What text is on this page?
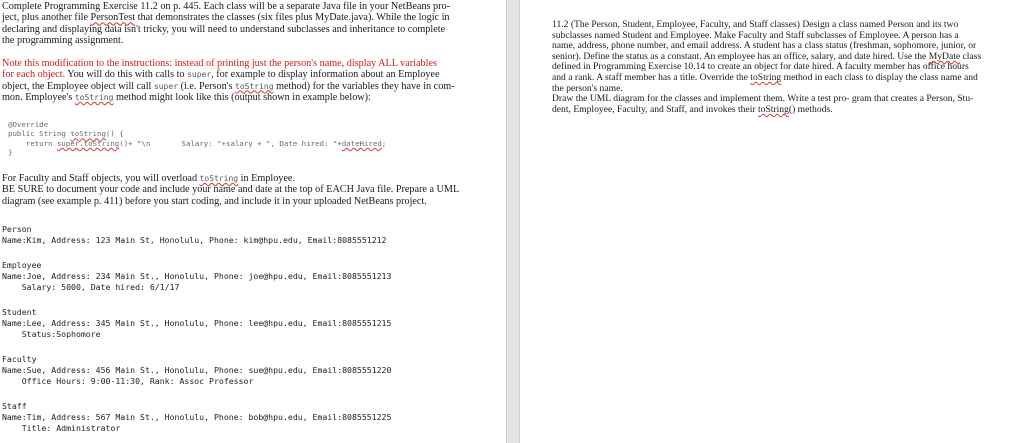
Complete Programming Exercise 11.2 on p. 445. Each class will be a separate Java file in your NetBeans pro-
ject, plus another file PersonTest that demonstrates the classes (six files plus MyDate.java). While the logic in
declaring and displaying data isn't tricky, you will need to understand subclasses and inheritance to complete
the programming assignment.
Note this modification to the instructions: instead of printing just the person's name, display ALL variables
for each object. You will do this with calls to super, for example to display information about an Employee
object, the Employee object will call super (i.e. Person's toString method) for the variables they have in com-
mon. Employee's toString method might look like this (output shown in example below):
@Override
public String toString() {
return super.toString()+ "\n       Salary: "+salary + ", Date hired: "+dateHired;
}
For Faculty and Staff objects, you will overload toString in Employee.
BE SURE to document your code and include your name and date at the top of EACH Java file. Prepare a UML
diagram (see example p. 411) before you start coding, and include it in your uploaded NetBeans project.
Person
Name:Kim, Address: 123 Main St, Honolulu, Phone: kim@hpu.edu, Email:8085551212
Employee
Name:Joe, Address: 234 Main St., Honolulu, Phone: joe@hpu.edu, Email:8085551213
Salary: 5000, Date hired: 6/1/17
Student
Name:Lee, Address: 345 Main St., Honolulu, Phone: lee@hpu.edu, Email:8085551215
Status:Sophomore
Faculty
Name:Sue, Address: 456 Main St., Honolulu, Phone: sue@hpu.edu, Email:8085551220
Office Hours: 9:00-11:30, Rank: Assoc Professor
Staff
Name:Tim, Address: 567 Main St., Honolulu, Phone: bob@hpu.edu, Email:8085551225
Title: Administrator
11.2 (The Person, Student, Employee, Faculty, and Staff classes) Design a class named Person and its two
subclasses named Student and Employee. Make Faculty and Staff subclasses of Employee. A person has a
name, address, phone number, and email address. A student has a class status (freshman, sophomore, junior, or
senior). Define the status as a constant. An employee has an office, salary, and date hired. Use the MyDate class
defined in Programming Exercise 10.14 to create an object for date hired. A faculty member has office hours
and a rank. A staff member has a title. Override the toString method in each class to display the class name and
the person's name.
Draw the UML diagram for the classes and implement them. Write a test pro- gram that creates a Person, Stu-
dent, Employee, Faculty, and Staff, and invokes their toString() methods.
